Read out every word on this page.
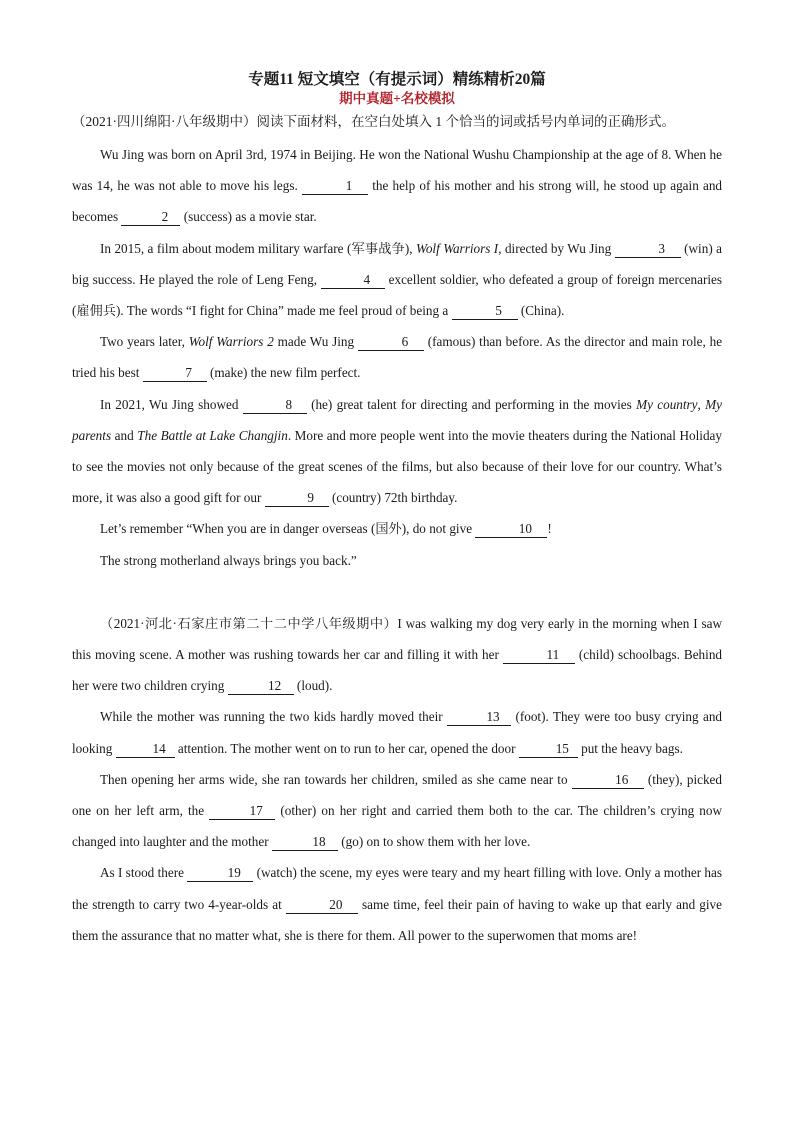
专题11 短文填空（有提示词）精练精析20篇

期中真题+名校模拟

（2021·四川绵阳·八年级期中）阅读下面材料，在空白处填入 1 个恰当的词或括号内单词的正确形式。

Wu Jing was born on April 3rd, 1974 in Beijing. He won the National Wushu Championship at the age of 8. When he was 14, he was not able to move his legs.	1 the help of his mother and his strong will, he stood up again and becomes	2 (success) as a movie star.

In 2015, a film about modem military warfare (军事战争), Wolf Warriors I, directed by Wu Jing	3 (win) a big success. He played the role of Leng Feng,	4 excellent soldier, who defeated a group of foreign mercenaries (雇佣兵). The words “I fight for China” made me feel proud of being a	5 (China).

Two years later, Wolf Warriors 2 made Wu Jing	6 (famous) than before. As the director and main role, he tried his best	7 (make) the new film perfect.

In 2021, Wu Jing showed	8 (he) great talent for directing and performing in the movies My country, My parents and The Battle at Lake Changjin. More and more people went into the movie theaters during the National Holiday to see the movies not only because of the great scenes of the films, but also because of their love for our country. What’s more, it was also a good gift for our	9 (country) 72th birthday.

Let’s remember “When you are in danger overseas (国外), do not give	10 !

The strong motherland always brings you back.”

（2021·河北·石家庄市第二十二中学八年级期中）I was walking my dog very early in the morning when I saw this moving scene. A mother was rushing towards her car and filling it with her	11 (child) schoolbags. Behind her were two children crying	12 (loud).

While the mother was running the two kids hardly moved their	13 (foot). They were too busy crying and looking	14 attention. The mother went on to run to her car, opened the door	15 put the heavy bags.

Then opening her arms wide, she ran towards her children, smiled as she came near to	16 (they), picked one on her left arm, the	17 (other) on her right and carried them both to the car. The children’s crying now changed into laughter and the mother	18 (go) on to show them with her love.

As I stood there	19 (watch) the scene, my eyes were teary and my heart filling with love. Only a mother has the strength to carry two 4-year-olds at	20 same time, feel their pain of having to wake up that early and give them the assurance that no matter what, she is there for them. All power to the superwomen that moms are!
